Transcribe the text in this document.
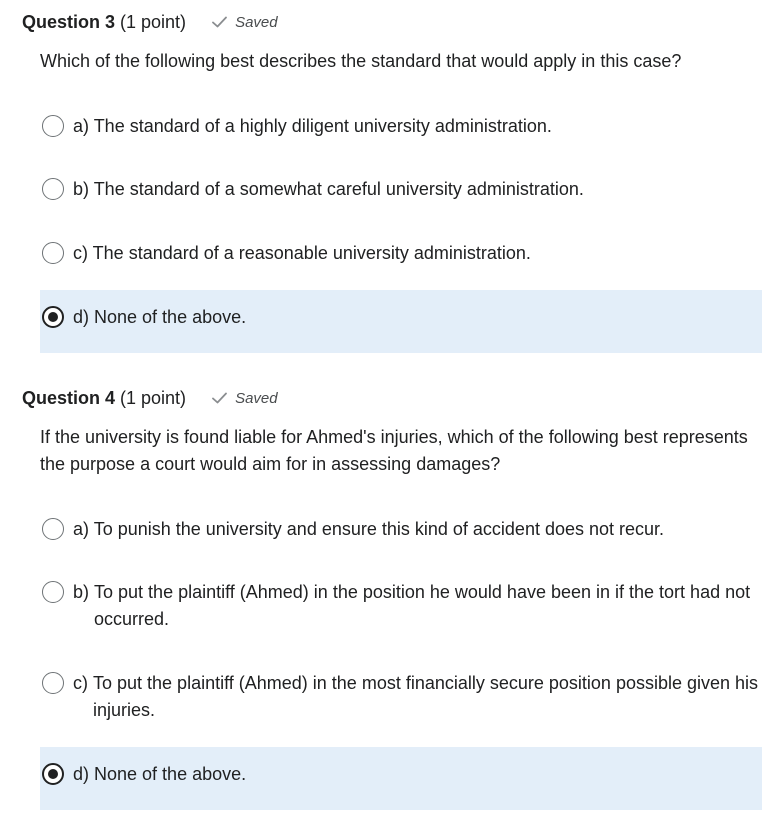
Question 3 (1 point)	Saved
Which of the following best describes the standard that would apply in this case?
a) The standard of a highly diligent university administration.
b) The standard of a somewhat careful university administration.
c) The standard of a reasonable university administration.
d) None of the above.
Question 4 (1 point)	Saved
If the university is found liable for Ahmed's injuries, which of the following best represents the purpose a court would aim for in assessing damages?
a) To punish the university and ensure this kind of accident does not recur.
b) To put the plaintiff (Ahmed) in the position he would have been in if the tort had not occurred.
c) To put the plaintiff (Ahmed) in the most financially secure position possible given his injuries.
d) None of the above.
